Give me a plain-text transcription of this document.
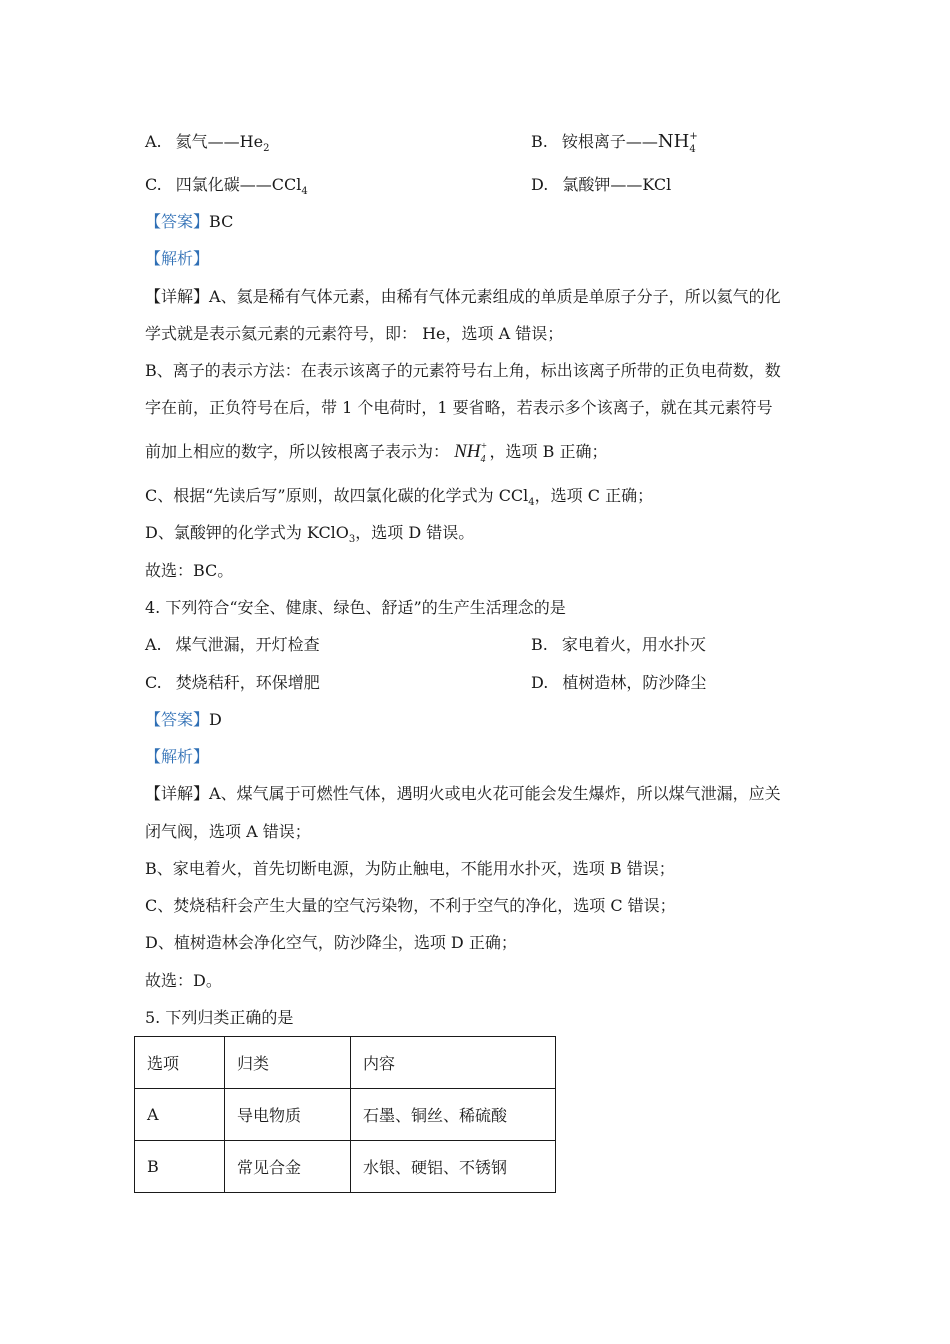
A. 氦气$——He_2$	B. 铵根离子——NH +
4
C. 四氯化碳——CCl$_4$	D. 氯酸钾——KCl
【答案】BC
【解析】
【详解】A、氦是稀有气体元素，由稀有气体元素组成的单质是单原子分子，所以氦气的化
学式就是表示氦元素的元素符号，即： He，选项 A 错误；
B、离子的表示方法：在表示该离子的元素符号右上角，标出该离子所带的正负电荷数，数
字在前，正负符号在后，带 1 个电荷时，1 要省略，若表示多个该离子，就在其元素符号
前加上相应的数字，所以铵根离子表示为： NH +
4 ，选项 B 正确；
C、根据“先读后写”原则，故四氯化碳的化学式为 CCl$_4$，选项 C 正确；
D、氯酸钾的化学式为 KClO$_3$，选项 D 错误。
故选：BC。
4. 下列符合“安全、健康、绿色、舒适”的生产生活理念的是
A. 煤气泄漏，开灯检查	B. 家电着火，用水扑灭
C. 焚烧秸秆，环保增肥	D. 植树造林，防沙降尘
【答案】D
【解析】
【详解】A、煤气属于可燃性气体，遇明火或电火花可能会发生爆炸，所以煤气泄漏，应关
闭气阀，选项 A 错误；
B、家电着火，首先切断电源，为防止触电，不能用水扑灭，选项 B 错误；
C、焚烧秸秆会产生大量的空气污染物，不利于空气的净化，选项 C 错误；
D、植树造林会净化空气，防沙降尘，选项 D 正确；
故选：D。
5. 下列归类正确的是
选项	归类	内容
A	导电物质	石墨、铜丝、稀硫酸
B	常见合金	水银、硬铝、不锈钢
